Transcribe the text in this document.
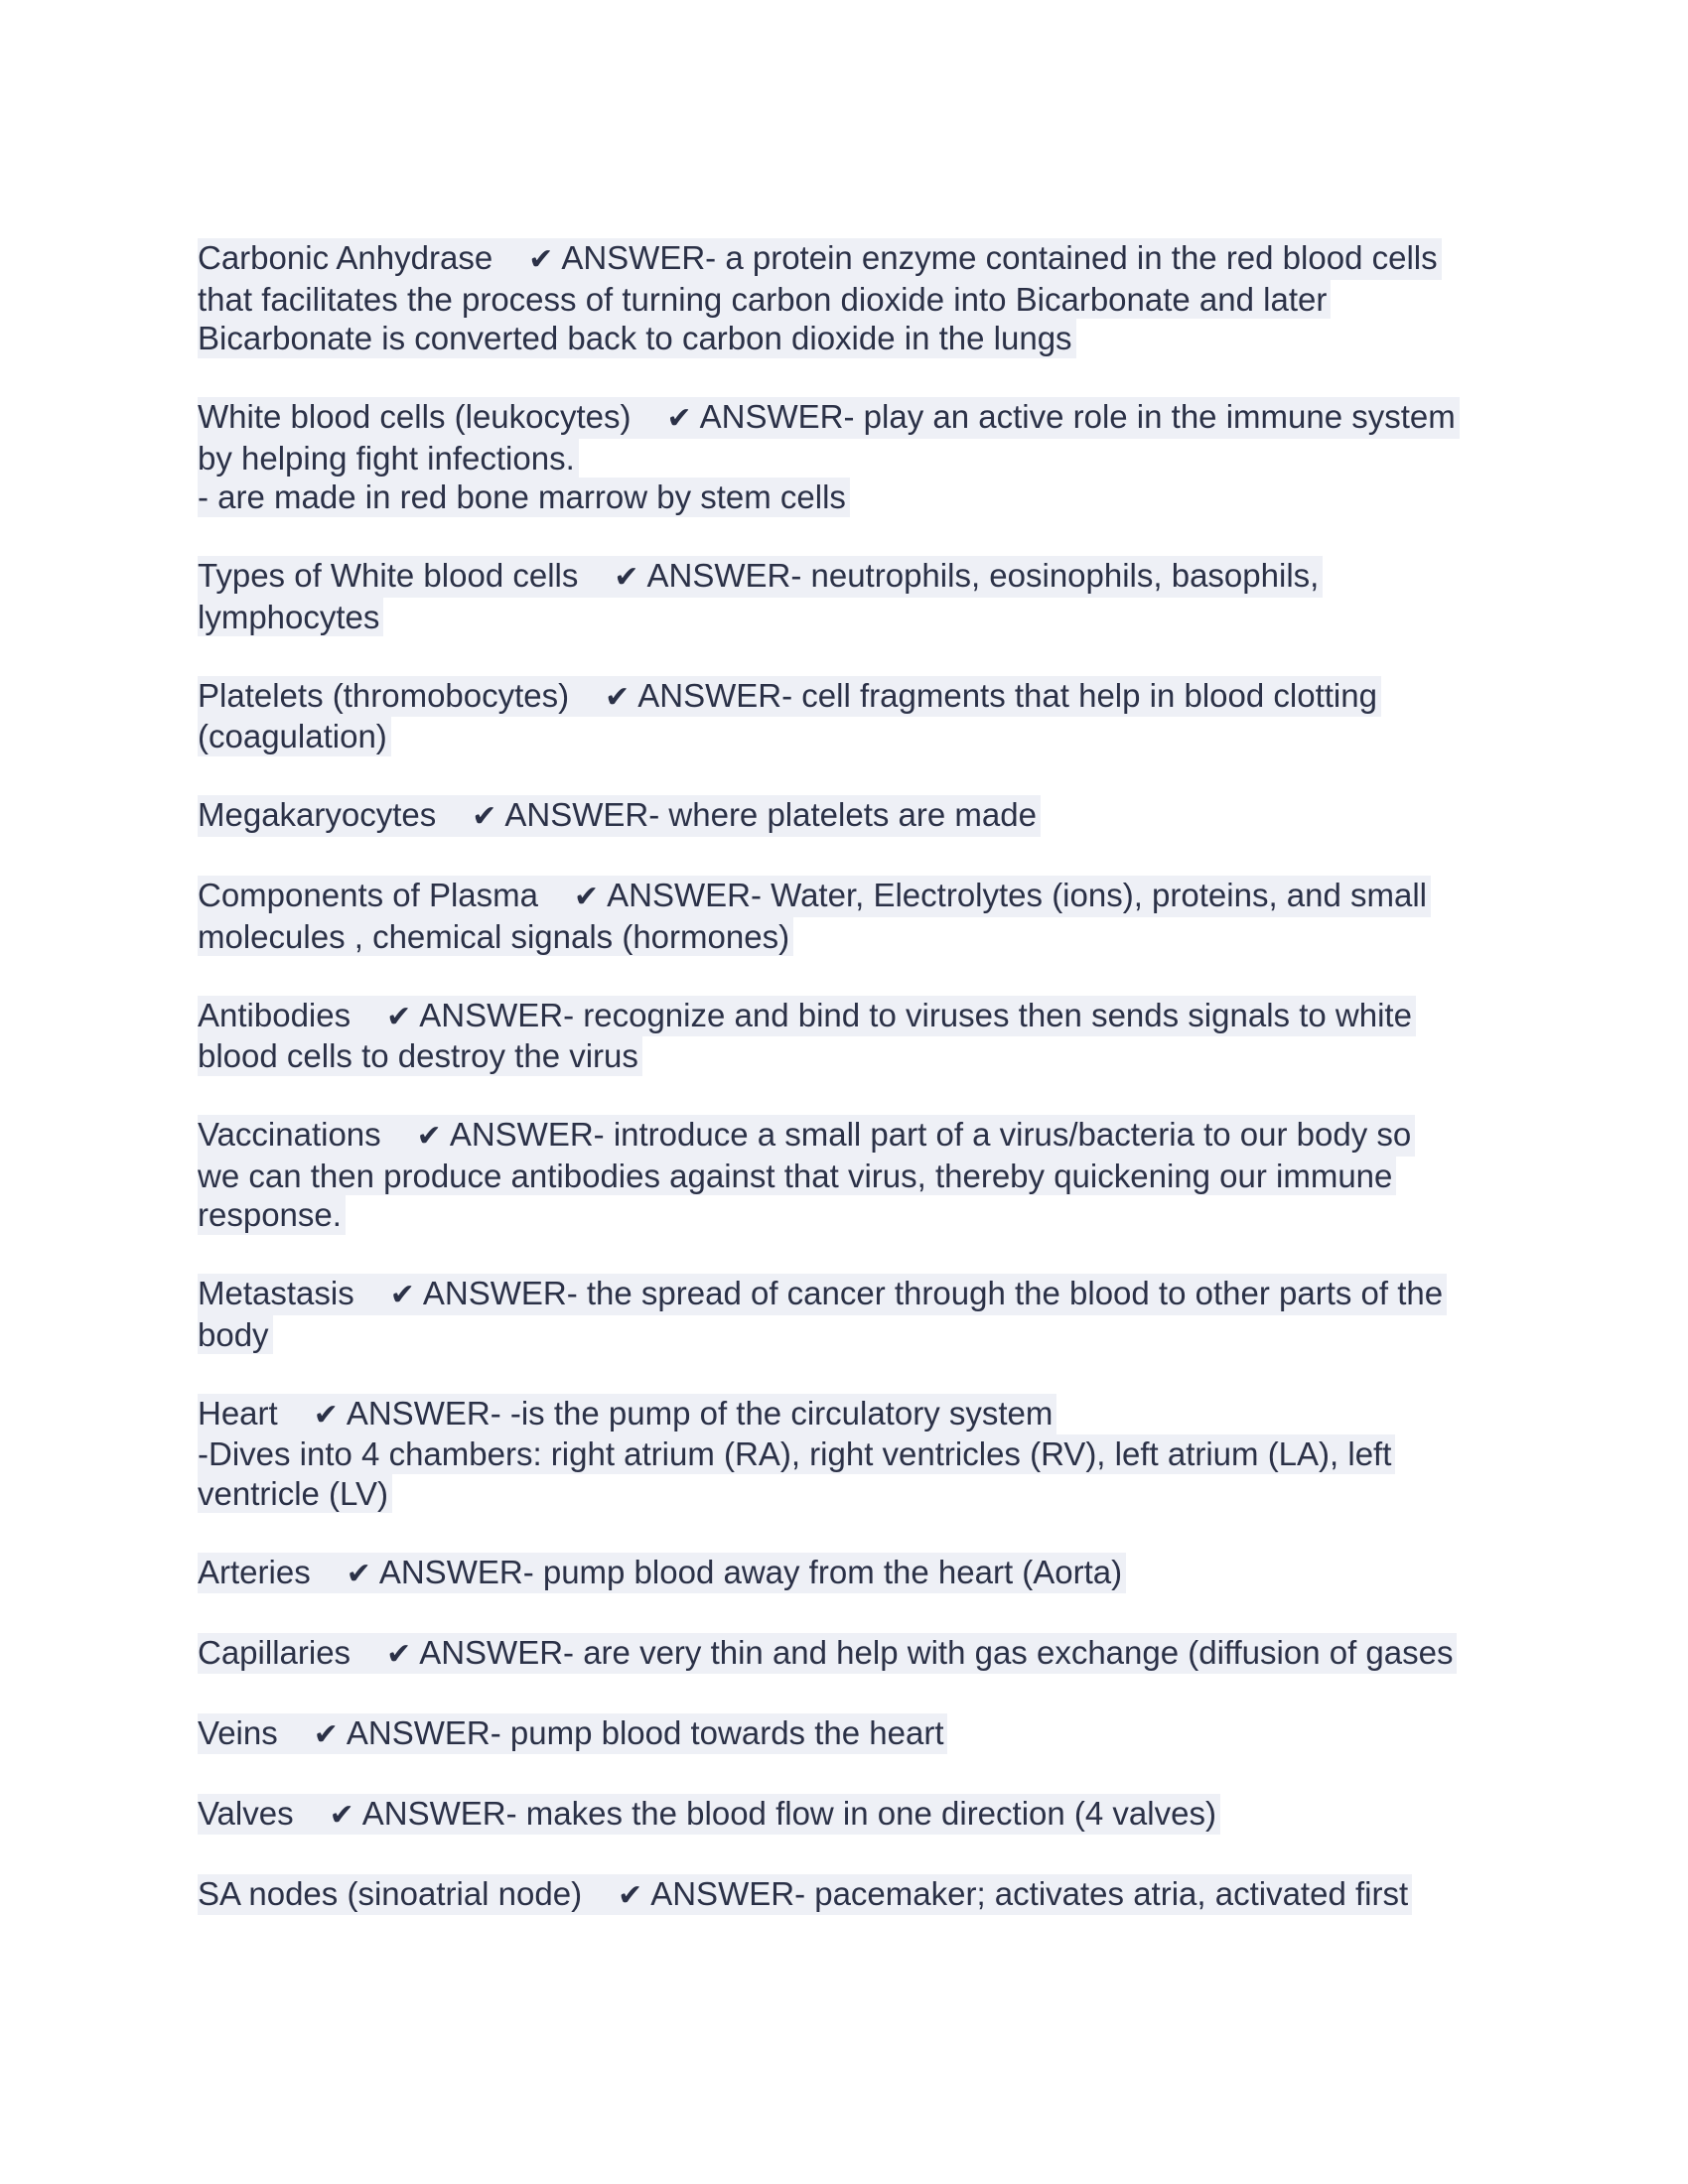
Carbonic Anhydrase ✔ ANSWER- a protein enzyme contained in the red blood cells
that facilitates the process of turning carbon dioxide into Bicarbonate and later
Bicarbonate is converted back to carbon dioxide in the lungs
White blood cells (leukocytes) ✔ ANSWER- play an active role in the immune system
by helping fight infections.
- are made in red bone marrow by stem cells
Types of White blood cells ✔ ANSWER- neutrophils, eosinophils, basophils,
lymphocytes
Platelets (thromobocytes) ✔ ANSWER- cell fragments that help in blood clotting
(coagulation)
Megakaryocytes ✔ ANSWER- where platelets are made
Components of Plasma ✔ ANSWER- Water, Electrolytes (ions), proteins, and small
molecules , chemical signals (hormones)
Antibodies ✔ ANSWER- recognize and bind to viruses then sends signals to white
blood cells to destroy the virus
Vaccinations ✔ ANSWER- introduce a small part of a virus/bacteria to our body so
we can then produce antibodies against that virus, thereby quickening our immune
response.
Metastasis ✔ ANSWER- the spread of cancer through the blood to other parts of the
body
Heart ✔ ANSWER- -is the pump of the circulatory system
-Dives into 4 chambers: right atrium (RA), right ventricles (RV), left atrium (LA), left
ventricle (LV)
Arteries ✔ ANSWER- pump blood away from the heart (Aorta)
Capillaries ✔ ANSWER- are very thin and help with gas exchange (diffusion of gases
Veins ✔ ANSWER- pump blood towards the heart
Valves ✔ ANSWER- makes the blood flow in one direction (4 valves)
SA nodes (sinoatrial node) ✔ ANSWER- pacemaker; activates atria, activated first
